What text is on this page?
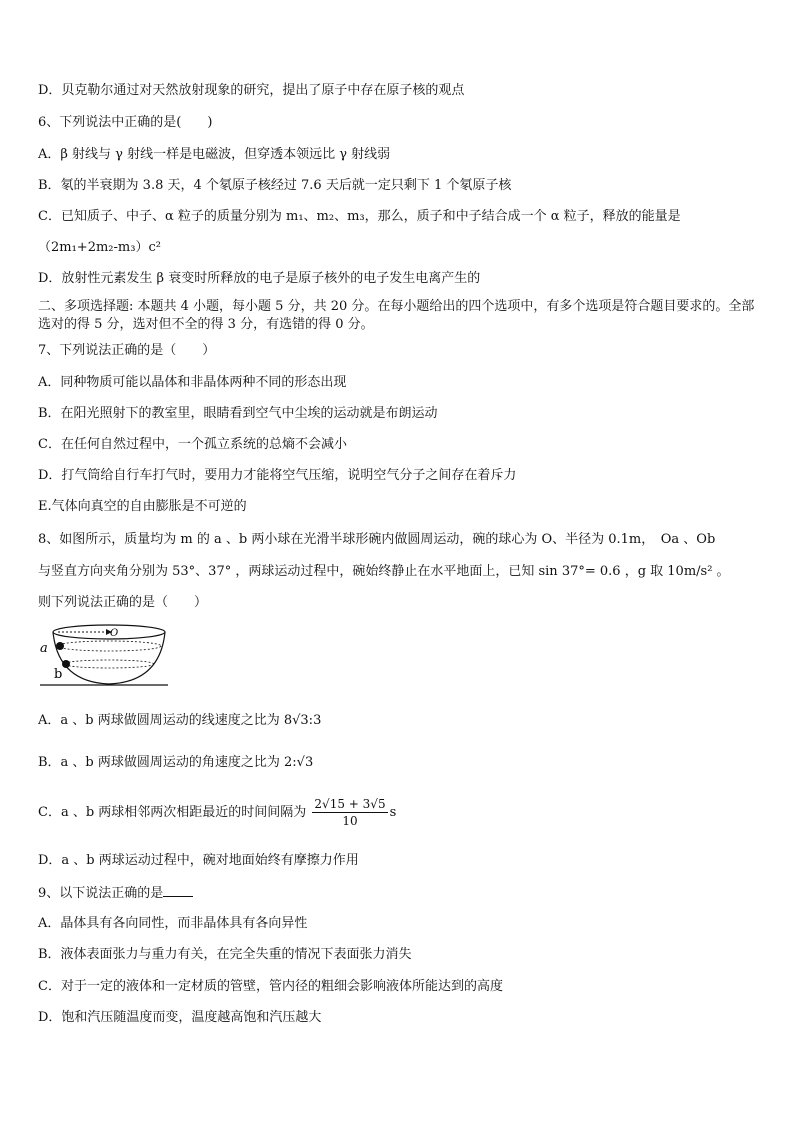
D．贝克勒尔通过对天然放射现象的研究，提出了原子中存在原子核的观点
6、下列说法中正确的是(　　)
A．β 射线与 γ 射线一样是电磁波，但穿透本领远比 γ 射线弱
B．氡的半衰期为 3.8 天，4 个氡原子核经过 7.6 天后就一定只剩下 1 个氡原子核
C．已知质子、中子、α 粒子的质量分别为 m₁、m₂、m₃，那么，质子和中子结合成一个 α 粒子，释放的能量是
（2m₁+2m₂-m₃）c²
D．放射性元素发生 β 衰变时所释放的电子是原子核外的电子发生电离产生的
二、多项选择题: 本题共 4 小题，每小题 5 分，共 20 分。在每小题给出的四个选项中，有多个选项是符合题目要求的。全部选对的得 5 分，选对但不全的得 3 分，有选错的得 0 分。
7、下列说法正确的是（　　）
A．同种物质可能以晶体和非晶体两种不同的形态出现
B．在阳光照射下的教室里，眼睛看到空气中尘埃的运动就是布朗运动
C．在任何自然过程中，一个孤立系统的总熵不会减小
D．打气筒给自行车打气时，要用力才能将空气压缩，说明空气分子之间存在着斥力
E.气体向真空的自由膨胀是不可逆的
8、如图所示，质量均为 m 的 a 、b 两小球在光滑半球形碗内做圆周运动，碗的球心为 O、半径为 0.1m，　Oa 、Ob
与竖直方向夹角分别为 53°、37° ，两球运动过程中，碗始终静止在水平地面上，已知 sin 37°= 0.6 ，g 取 10m/s² 。
则下列说法正确的是（　　）
O
a
b
A．a 、b 两球做圆周运动的线速度之比为 8√3:3
B．a 、b 两球做圆周运动的角速度之比为 2:√3
C．a 、b 两球相邻两次相距最近的时间间隔为 $\frac{2√15 + 3√5}{10}$ s
D．a 、b 两球运动过程中，碗对地面始终有摩擦力作用
9、以下说法正确的是
A．晶体具有各向同性，而非晶体具有各向异性
B．液体表面张力与重力有关，在完全失重的情况下表面张力消失
C．对于一定的液体和一定材质的管壁，管内径的粗细会影响液体所能达到的高度
D．饱和汽压随温度而变，温度越高饱和汽压越大
